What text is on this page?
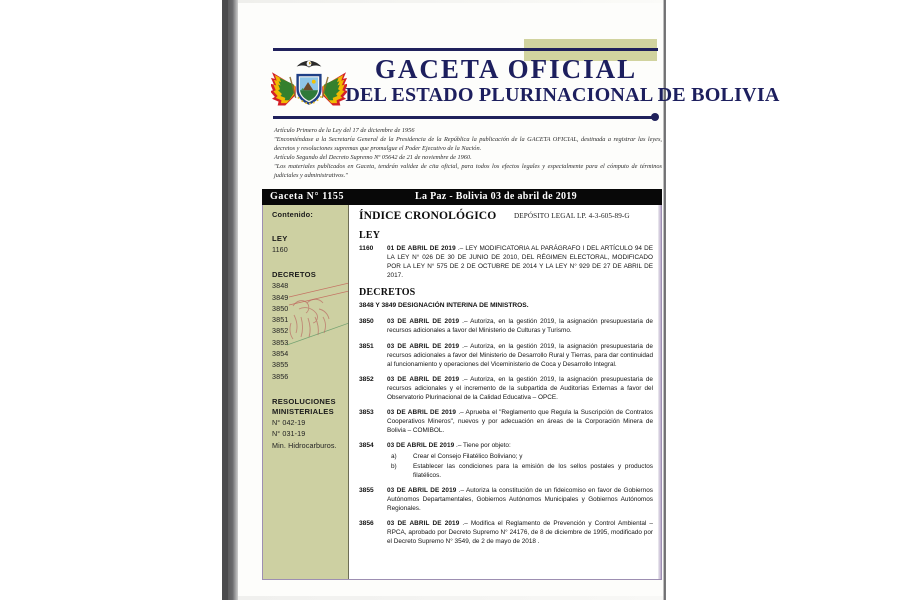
GACETA OFICIAL
DEL ESTADO PLURINACIONAL DE BOLIVIA
Artículo Primero de la Ley del 17 de diciembre de 1956
"Encomiéndase a la Secretaría General de la Presidencia de la República la publicación de la GACETA OFICIAL, destinada a registrar las leyes, decretos y resoluciones supremas que promulgue el Poder Ejecutivo de la Nación.
Artículo Segundo del Decreto Supremo Nº 05642 de 21 de noviembre de 1960.
"Los materiales publicados en Gaceta, tendrán validez de cita oficial, para todos los efectos legales y especialmente para el cómputo de términos judiciales y administrativos."
Gaceta N° 1155	La Paz - Bolivia 03 de abril de 2019
Contenido:
LEY
1160
DECRETOS
3848
3849
3850
3851
3852
3853
3854
3855
3856
RESOLUCIONES
MINISTERIALES
N° 042-19
N° 031-19
Min. Hidrocarburos.
ÍNDICE CRONOLÓGICO DEPÓSITO LEGAL LP. 4-3-605-89-G
LEY
1160 01 DE ABRIL DE 2019 .– LEY MODIFICATORIA AL PARÁGRAFO I DEL ARTÍCULO 94 DE LA LEY N° 026 DE 30 DE JUNIO DE 2010, DEL RÉGIMEN ELECTORAL, MODIFICADO POR LA LEY N° 575 DE 2 DE OCTUBRE DE 2014 Y LA LEY N° 929 DE 27 DE ABRIL DE 2017.
DECRETOS
3848 Y 3849 DESIGNACIÓN INTERINA DE MINISTROS.
3850 03 DE ABRIL DE 2019 .– Autoriza, en la gestión 2019, la asignación presupuestaria de recursos adicionales a favor del Ministerio de Culturas y Turismo.
3851 03 DE ABRIL DE 2019 .– Autoriza, en la gestión 2019, la asignación presupuestaria de recursos adicionales a favor del Ministerio de Desarrollo Rural y Tierras, para dar continuidad al funcionamiento y operaciones del Viceministerio de Coca y Desarrollo Integral.
3852 03 DE ABRIL DE 2019 .– Autoriza, en la gestión 2019, la asignación presupuestaria de recursos adicionales y el incremento de la subpartida de Auditorías Externas a favor del Observatorio Plurinacional de la Calidad Educativa – OPCE.
3853 03 DE ABRIL DE 2019 .– Aprueba el "Reglamento que Regula la Suscripción de Contratos Cooperativos Mineros", nuevos y por adecuación en áreas de la Corporación Minera de Bolivia – COMIBOL.
3854 03 DE ABRIL DE 2019 .– Tiene por objeto:
a)	Crear el Consejo Filatélico Boliviano; y
b)	Establecer las condiciones para la emisión de los sellos postales y productos filatélicos.
3855 03 DE ABRIL DE 2019 .– Autoriza la constitución de un fideicomiso en favor de Gobiernos Autónomos Departamentales, Gobiernos Autónomos Municipales y Gobiernos Autónomos Regionales.
3856 03 DE ABRIL DE 2019 .– Modifica el Reglamento de Prevención y Control Ambiental – RPCA, aprobado por Decreto Supremo N° 24176, de 8 de diciembre de 1995, modificado por el Decreto Supremo N° 3549, de 2 de mayo de 2018 .
